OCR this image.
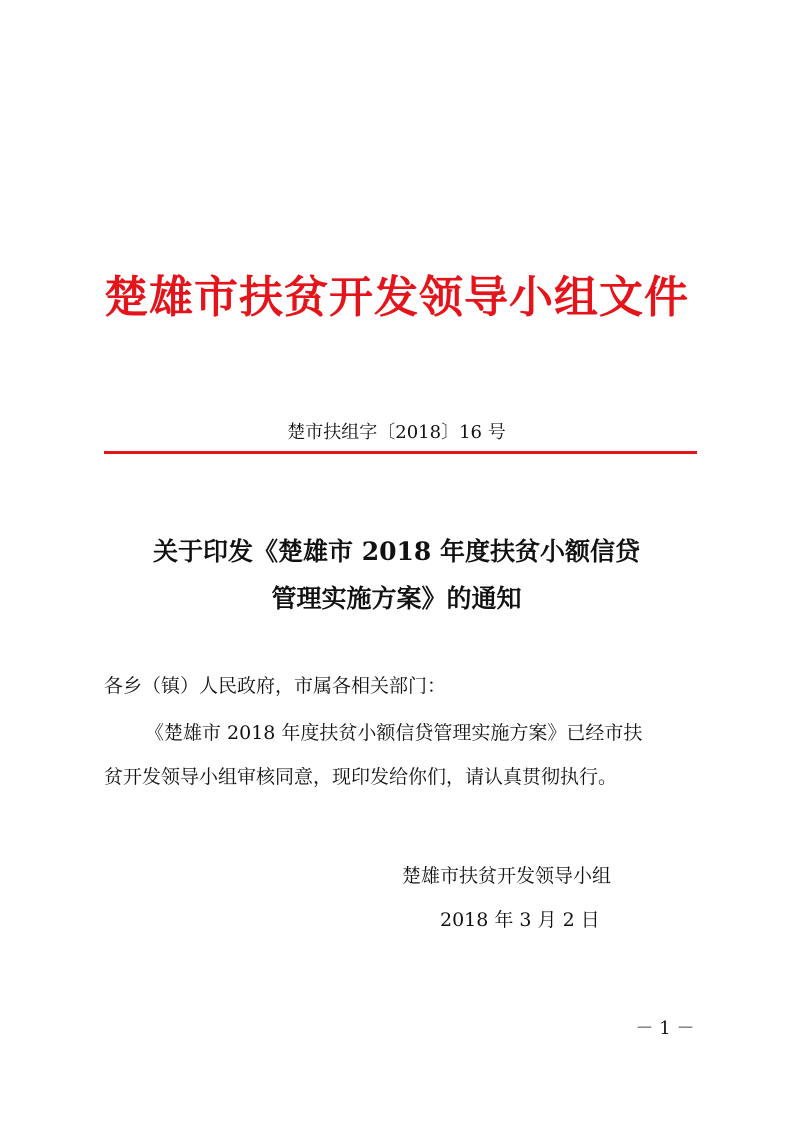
楚雄市扶贫开发领导小组文件
楚市扶组字〔2018〕16 号
关于印发《楚雄市 2018 年度扶贫小额信贷
管理实施方案》的通知
各乡（镇）人民政府，市属各相关部门：
《楚雄市 2018 年度扶贫小额信贷管理实施方案》已经市扶
贫开发领导小组审核同意，现印发给你们，请认真贯彻执行。
楚雄市扶贫开发领导小组
2018 年 3 月 2 日
－ 1 －
